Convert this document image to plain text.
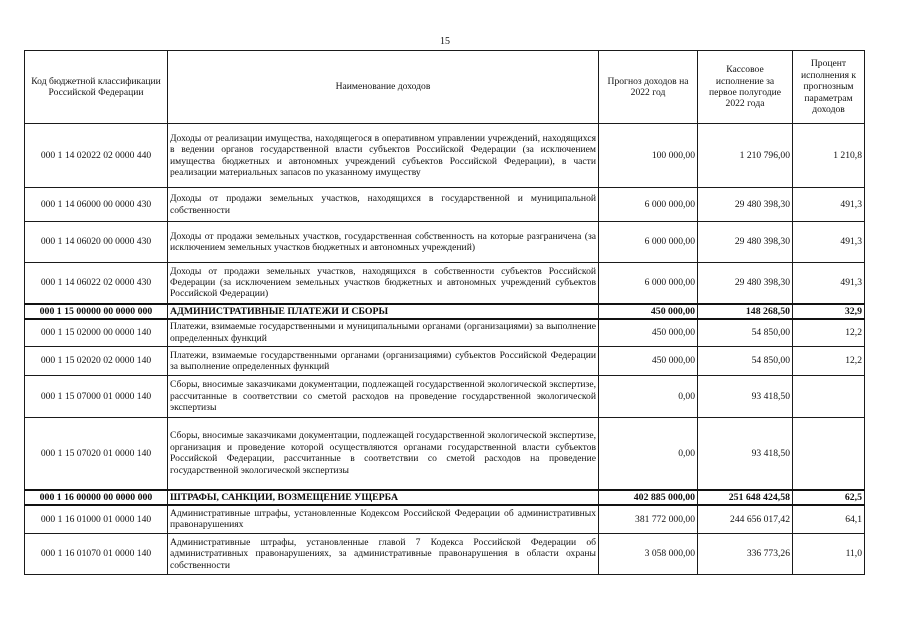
15
Код бюджетной классификации Российской Федерации	Наименование доходов	Прогноз доходов на 2022 год	Кассовое исполнение за первое полугодие 2022 года	Процент исполнения к прогнозным параметрам доходов
000 1 14 02022 02 0000 440	Доходы от реализации имущества, находящегося в оперативном управлении учреждений, находящихся в ведении органов государственной власти субъектов Российской Федерации (за исключением имущества бюджетных и автономных учреждений субъектов Российской Федерации), в части реализации материальных запасов по указанному имуществу	100 000,00	1 210 796,00	1 210,8
000 1 14 06000 00 0000 430	Доходы от продажи земельных участков, находящихся в государственной и муниципальной собственности	6 000 000,00	29 480 398,30	491,3
000 1 14 06020 00 0000 430	Доходы от продажи земельных участков, государственная собственность на которые разграничена (за исключением земельных участков бюджетных и автономных учреждений)	6 000 000,00	29 480 398,30	491,3
000 1 14 06022 02 0000 430	Доходы от продажи земельных участков, находящихся в собственности субъектов Российской Федерации (за исключением земельных участков бюджетных и автономных учреждений субъектов Российской Федерации)	6 000 000,00	29 480 398,30	491,3
000 1 15 00000 00 0000 000	АДМИНИСТРАТИВНЫЕ ПЛАТЕЖИ И СБОРЫ	450 000,00	148 268,50	32,9
000 1 15 02000 00 0000 140	Платежи, взимаемые государственными и муниципальными органами (организациями) за выполнение определенных функций	450 000,00	54 850,00	12,2
000 1 15 02020 02 0000 140	Платежи, взимаемые государственными органами (организациями) субъектов Российской Федерации за выполнение определенных функций	450 000,00	54 850,00	12,2
000 1 15 07000 01 0000 140	Сборы, вносимые заказчиками документации, подлежащей государственной экологической экспертизе, рассчитанные в соответствии со сметой расходов на проведение государственной экологической экспертизы	0,00	93 418,50	
000 1 15 07020 01 0000 140	Сборы, вносимые заказчиками документации, подлежащей государственной экологической экспертизе, организация и проведение которой осуществляются органами государственной власти субъектов Российской Федерации, рассчитанные в соответствии со сметой расходов на проведение государственной экологической экспертизы	0,00	93 418,50	
000 1 16 00000 00 0000 000	ШТРАФЫ, САНКЦИИ, ВОЗМЕЩЕНИЕ УЩЕРБА	402 885 000,00	251 648 424,58	62,5
000 1 16 01000 01 0000 140	Административные штрафы, установленные Кодексом Российской Федерации об административных правонарушениях	381 772 000,00	244 656 017,42	64,1
000 1 16 01070 01 0000 140	Административные штрафы, установленные главой 7 Кодекса Российской Федерации об административных правонарушениях, за административные правонарушения в области охраны собственности	3 058 000,00	336 773,26	11,0
